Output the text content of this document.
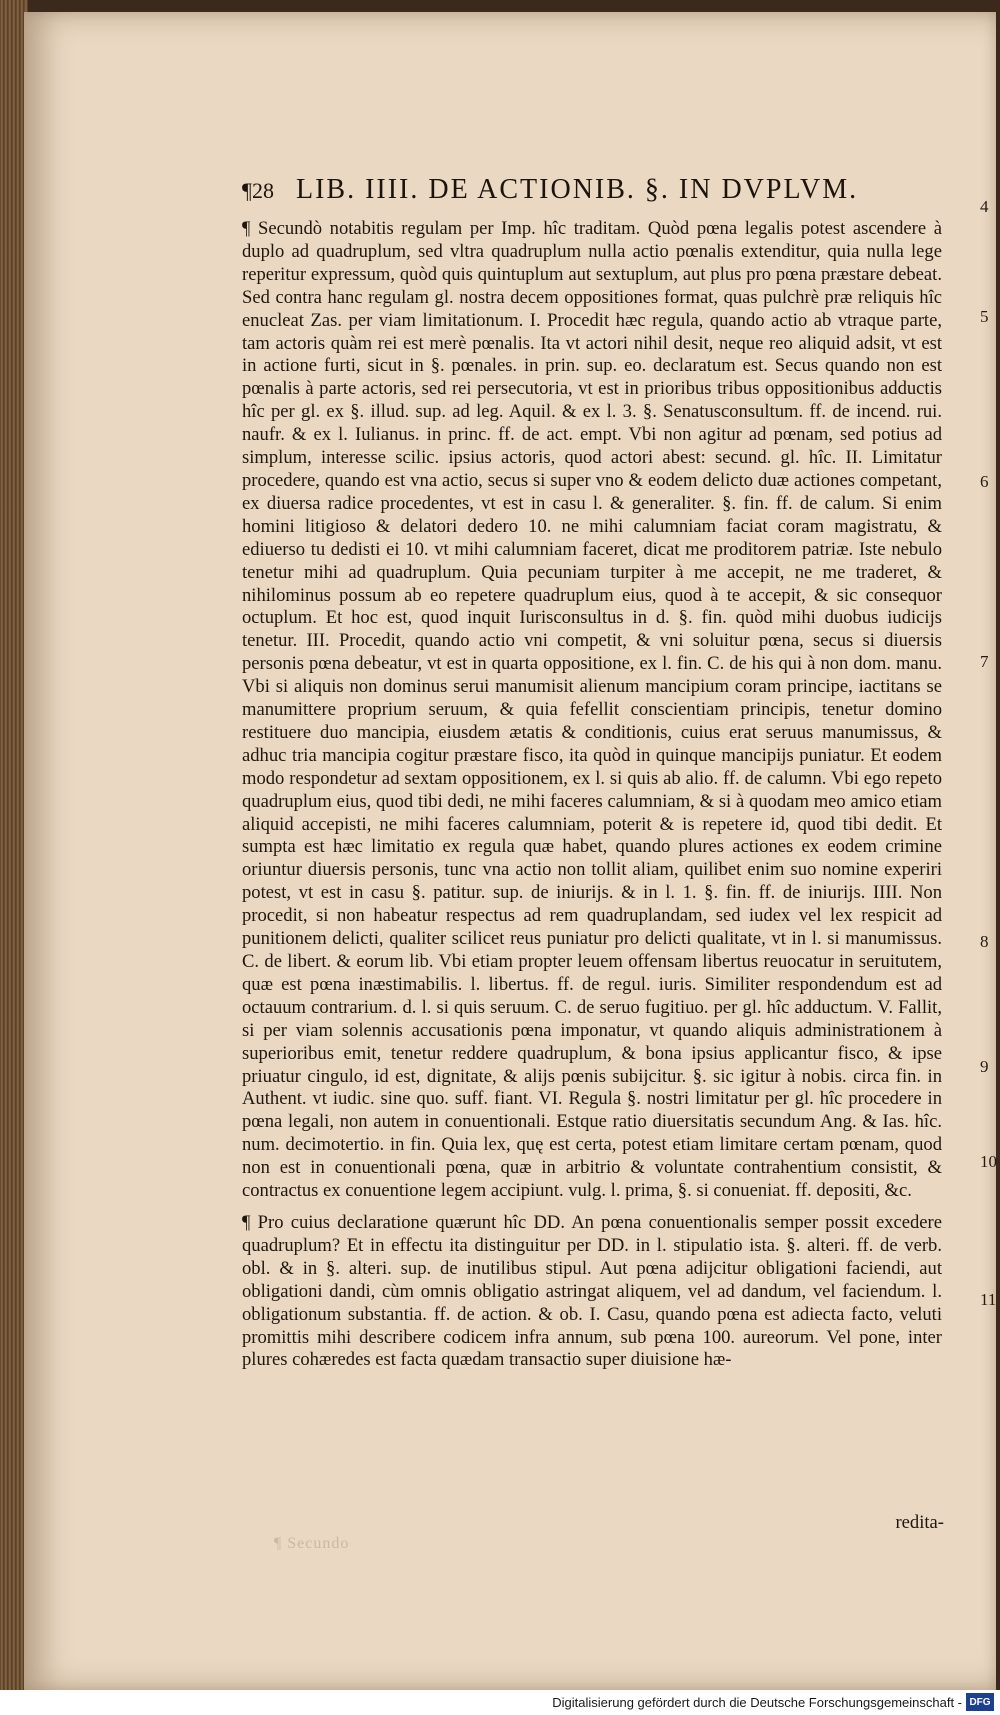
¶28 LIB. IIII. DE ACTIONIB. §. IN DVPLVM.
4
5
6
7
8
9
10
11

¶ Secundò notabitis regulam per Imp. hîc traditam. Quòd pœna legalis potest ascendere à duplo ad quadruplum, sed vltra quadruplum nulla actio pœnalis extenditur, quia nulla lege reperitur expressum, quòd quis quintuplum aut sextuplum, aut plus pro pœna præstare debeat. Sed contra hanc regulam gl. nostra decem oppositiones format, quas pulchrè præ reliquis hîc enucleat Zas. per viam limitationum. I. Procedit hæc regula, quando actio ab vtraque parte, tam actoris quàm rei est merè pœnalis. Ita vt actori nihil desit, neque reo aliquid adsit, vt est in actione furti, sicut in §. pœnales. in prin. sup. eo. declaratum est. Secus quando non est pœnalis à parte actoris, sed rei persecutoria, vt est in prioribus tribus oppositionibus adductis hîc per gl. ex §. illud. sup. ad leg. Aquil. & ex l. 3. §. Senatusconsultum. ff. de incend. rui. naufr. & ex l. Iulianus. in princ. ff. de act. empt. Vbi non agitur ad pœnam, sed potius ad simplum, interesse scilic. ipsius actoris, quod actori abest: secund. gl. hîc. II. Limitatur procedere, quando est vna actio, secus si super vno & eodem delicto duæ actiones competant, ex diuersa radice procedentes, vt est in casu l. & generaliter. §. fin. ff. de calum. Si enim homini litigioso & delatori dedero 10. ne mihi calumniam faciat coram magistratu, & ediuerso tu dedisti ei 10. vt mihi calumniam faceret, dicat me proditorem patriæ. Iste nebulo tenetur mihi ad quadruplum. Quia pecuniam turpiter à me accepit, ne me traderet, & nihilominus possum ab eo repetere quadruplum eius, quod à te accepit, & sic consequor octuplum. Et hoc est, quod inquit Iurisconsultus in d. §. fin. quòd mihi duobus iudicijs tenetur. III. Procedit, quando actio vni competit, & vni soluitur pœna, secus si diuersis personis pœna debeatur, vt est in quarta oppositione, ex l. fin. C. de his qui à non dom. manu. Vbi si aliquis non dominus serui manumisit alienum mancipium coram principe, iactitans se manumittere proprium seruum, & quia fefellit conscientiam principis, tenetur domino restituere duo mancipia, eiusdem ætatis & conditionis, cuius erat seruus manumissus, & adhuc tria mancipia cogitur præstare fisco, ita quòd in quinque mancipijs puniatur. Et eodem modo respondetur ad sextam oppositionem, ex l. si quis ab alio. ff. de calumn. Vbi ego repeto quadruplum eius, quod tibi dedi, ne mihi faceres calumniam, & si à quodam meo amico etiam aliquid accepisti, ne mihi faceres calumniam, poterit & is repetere id, quod tibi dedit. Et sumpta est hæc limitatio ex regula quæ habet, quando plures actiones ex eodem crimine oriuntur diuersis personis, tunc vna actio non tollit aliam, quilibet enim suo nomine experiri potest, vt est in casu §. patitur. sup. de iniurijs. & in l. 1. §. fin. ff. de iniurijs. IIII. Non procedit, si non habeatur respectus ad rem quadruplandam, sed iudex vel lex respicit ad punitionem delicti, qualiter scilicet reus puniatur pro delicti qualitate, vt in l. si manumissus. C. de libert. & eorum lib. Vbi etiam propter leuem offensam libertus reuocatur in seruitutem, quæ est pœna inæstimabilis. l. libertus. ff. de regul. iuris. Similiter respondendum est ad octauum contrarium. d. l. si quis seruum. C. de seruo fugitiuo. per gl. hîc adductum. V. Fallit, si per viam solennis accusationis pœna imponatur, vt quando aliquis administrationem à superioribus emit, tenetur reddere quadruplum, & bona ipsius applicantur fisco, & ipse priuatur cingulo, id est, dignitate, & alijs pœnis subijcitur. §. sic igitur à nobis. circa fin. in Authent. vt iudic. sine quo. suff. fiant. VI. Regula §. nostri limitatur per gl. hîc procedere in pœna legali, non autem in conuentionali. Estque ratio diuersitatis secundum Ang. & Ias. hîc. num. decimotertio. in fin. Quia lex, quę est certa, potest etiam limitare certam pœnam, quod non est in conuentionali pœna, quæ in arbitrio & voluntate contrahentium consistit, & contractus ex conuentione legem accipiunt. vulg. l. prima, §. si conueniat. ff. depositi, &c.

¶ Pro cuius declaratione quærunt hîc DD. An pœna conuentionalis semper possit excedere quadruplum? Et in effectu ita distinguitur per DD. in l. stipulatio ista. §. alteri. ff. de verb. obl. & in §. alteri. sup. de inutilibus stipul. Aut pœna adijcitur obligationi faciendi, aut obligationi dandi, cùm omnis obligatio astringat aliquem, vel ad dandum, vel faciendum. l. obligationum substantia. ff. de action. & ob. I. Casu, quando pœna est adiecta facto, veluti promittis mihi describere codicem infra annum, sub pœna 100. aureorum. Vel pone, inter plures cohæredes est facta quædam transactio super diuisione hæ-

redita-
¶ Secundo
Digitalisierung gefördert durch die Deutsche Forschungsgemeinschaft - DFG
